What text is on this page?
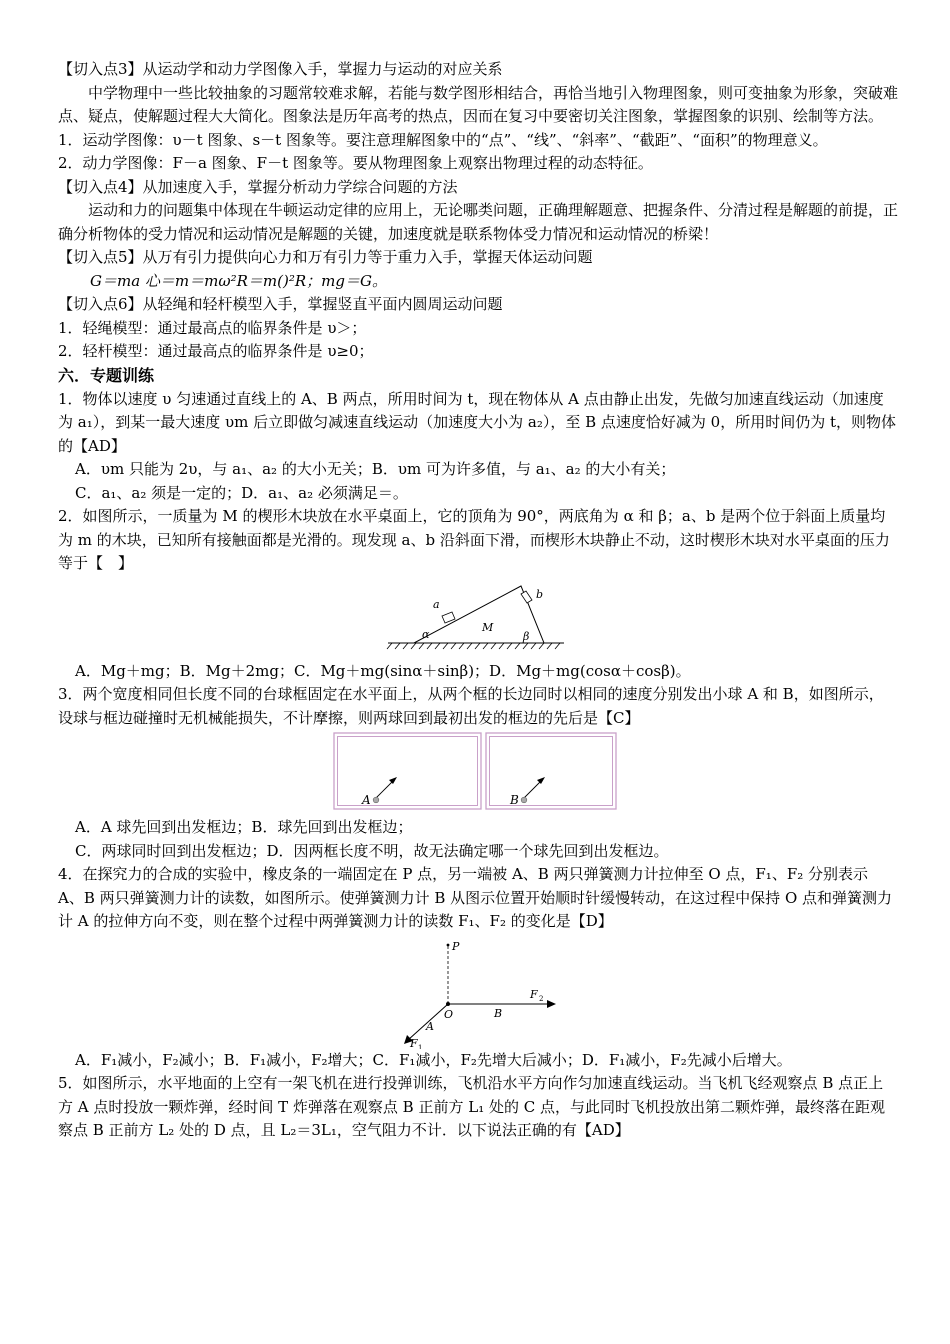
【切入点3】从运动学和动力学图像入手，掌握力与运动的对应关系

中学物理中一些比较抽象的习题常较难求解，若能与数学图形相结合，再恰当地引入物理图象，则可变抽象为形象，突破难点、疑点，使解题过程大大简化。图象法是历年高考的热点，因而在复习中要密切关注图象，掌握图象的识别、绘制等方法。

1．运动学图像：υ－t 图象、s－t 图象等。要注意理解图象中的“点”、“线”、“斜率”、“截距”、“面积”的物理意义。

2．动力学图像：F－a 图象、F－t 图象等。要从物理图象上观察出物理过程的动态特征。

【切入点4】从加速度入手，掌握分析动力学综合问题的方法

运动和力的问题集中体现在牛顿运动定律的应用上，无论哪类问题，正确理解题意、把握条件、分清过程是解题的前提，正确分析物体的受力情况和运动情况是解题的关键，加速度就是联系物体受力情况和运动情况的桥梁！

【切入点5】从万有引力提供向心力和万有引力等于重力入手，掌握天体运动问题

G＝ma 心＝m＝mω²R＝m()²R；mg＝G。

【切入点6】从轻绳和轻杆模型入手，掌握竖直平面内圆周运动问题

1．轻绳模型：通过最高点的临界条件是 υ＞；

2．轻杆模型：通过最高点的临界条件是 υ≥0；

六．专题训练

1．物体以速度 υ 匀速通过直线上的 A、B 两点，所用时间为 t，现在物体从 A 点由静止出发，先做匀加速直线运动（加速度为 a₁），到某一最大速度 υm 后立即做匀减速直线运动（加速度大小为 a₂），至 B 点速度恰好减为 0，所用时间仍为 t，则物体的【AD】

A．υm 只能为 2υ，与 a₁、a₂ 的大小无关；B．υm 可为许多值，与 a₁、a₂ 的大小有关；

C．a₁、a₂ 须是一定的；D．a₁、a₂ 必须满足＝。

2．如图所示，一质量为 M 的楔形木块放在水平桌面上，它的顶角为 90°，两底角为 α 和 β；a、b 是两个位于斜面上质量均为 m 的木块，已知所有接触面都是光滑的。现发现 a、b 沿斜面下滑，而楔形木块静止不动，这时楔形木块对水平桌面的压力等于【　】

a
b
M
α	β

A．Mg＋mg；B．Mg＋2mg；C．Mg＋mg(sinα＋sinβ)；D．Mg＋mg(cosα＋cosβ)。

3．两个宽度相同但长度不同的台球框固定在水平面上，从两个框的长边同时以相同的速度分别发出小球 A 和 B，如图所示，设球与框边碰撞时无机械能损失，不计摩擦，则两球回到最初出发的框边的先后是【C】

A	B

A．A 球先回到出发框边；B．球先回到出发框边；

C．两球同时回到出发框边；D．因两框长度不明，故无法确定哪一个球先回到出发框边。

4．在探究力的合成的实验中，橡皮条的一端固定在 P 点，另一端被 A、B 两只弹簧测力计拉伸至 O 点，F₁、F₂ 分别表示 A、B 两只弹簧测力计的读数，如图所示。使弹簧测力计 B 从图示位置开始顺时针缓慢转动，在这过程中保持 O 点和弹簧测力计 A 的拉伸方向不变，则在整个过程中两弹簧测力计的读数 F₁、F₂ 的变化是【D】

P
O	B
A
F 2
F 1

A．F₁减小，F₂减小；B．F₁减小，F₂增大；C．F₁减小，F₂先增大后减小；D．F₁减小，F₂先减小后增大。

5．如图所示，水平地面的上空有一架飞机在进行投弹训练，飞机沿水平方向作匀加速直线运动。当飞机飞经观察点 B 点正上方 A 点时投放一颗炸弹，经时间 T 炸弹落在观察点 B 正前方 L₁ 处的 C 点，与此同时飞机投放出第二颗炸弹，最终落在距观察点 B 正前方 L₂ 处的 D 点，且 L₂＝3L₁，空气阻力不计．以下说法正确的有【AD】
